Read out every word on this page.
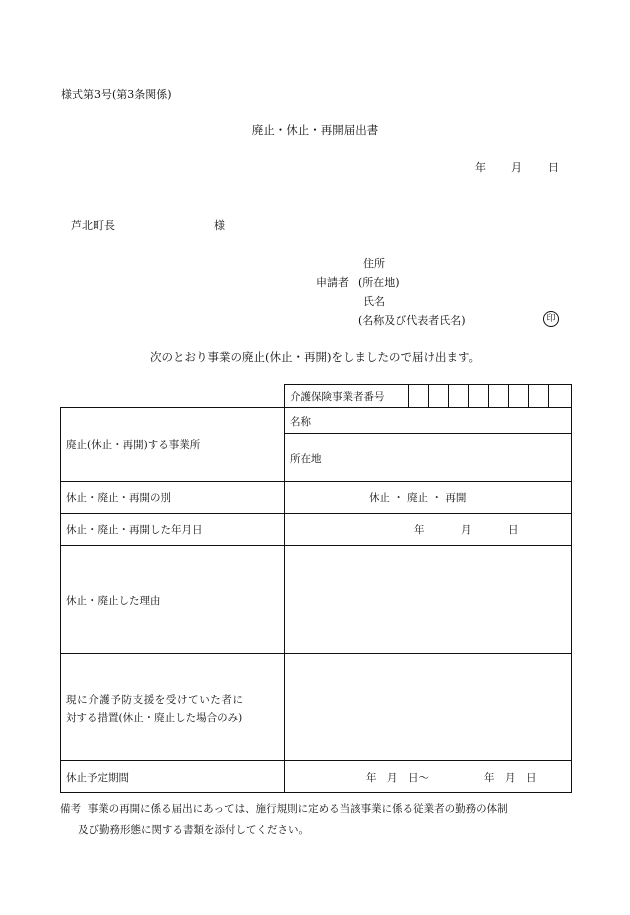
様式第3号(第3条関係)
廃止・休止・再開届出書
年 月 日
芦北町長	様
住所
申請者 (所在地)
氏名
(名称及び代表者氏名)	印
次のとおり事業の廃止(休止・再開)をしましたので届け出ます。
介護保険事業者番号
廃止(休止・再開)する事業所
名称
所在地
休止・廃止・再開の別	休止 ・ 廃止 ・ 再開
休止・廃止・再開した年月日	年	月	日
休止・廃止した理由
現に介護予防支援を受けていた者に
対する措置(休止・廃止した場合のみ)
休止予定期間	年　月　日〜	年　月　日
備考 事業の再開に係る届出にあっては、施行規則に定める当該事業に係る従業者の勤務の体制
及び勤務形態に関する書類を添付してください。
